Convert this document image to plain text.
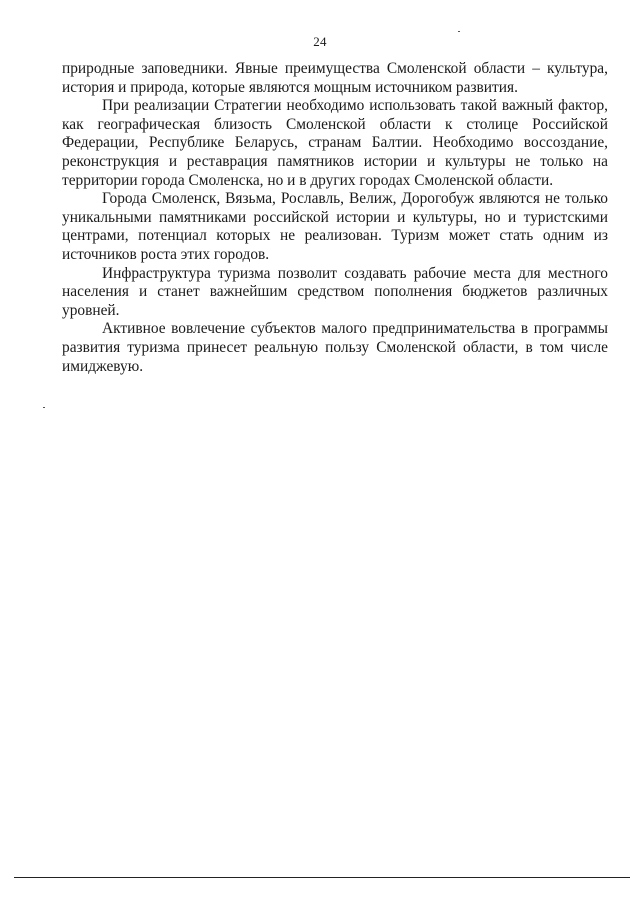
24

природные заповедники. Явные преимущества Смоленской области – культура, история и природа, которые являются мощным источником развития.

При реализации Стратегии необходимо использовать такой важный фактор, как географическая близость Смоленской области к столице Российской Федерации, Республике Беларусь, странам Балтии. Необходимо воссоздание, реконструкция и реставрация памятников истории и культуры не только на территории города Смоленска, но и в других городах Смоленской области.

Города Смоленск, Вязьма, Рославль, Велиж, Дорогобуж являются не только уникальными памятниками российской истории и культуры, но и туристскими центрами, потенциал которых не реализован. Туризм может стать одним из источников роста этих городов.

Инфраструктура туризма позволит создавать рабочие места для местного населения и станет важнейшим средством пополнения бюджетов различных уровней.

Активное вовлечение субъектов малого предпринимательства в программы развития туризма принесет реальную пользу Смоленской области, в том числе имиджевую.
